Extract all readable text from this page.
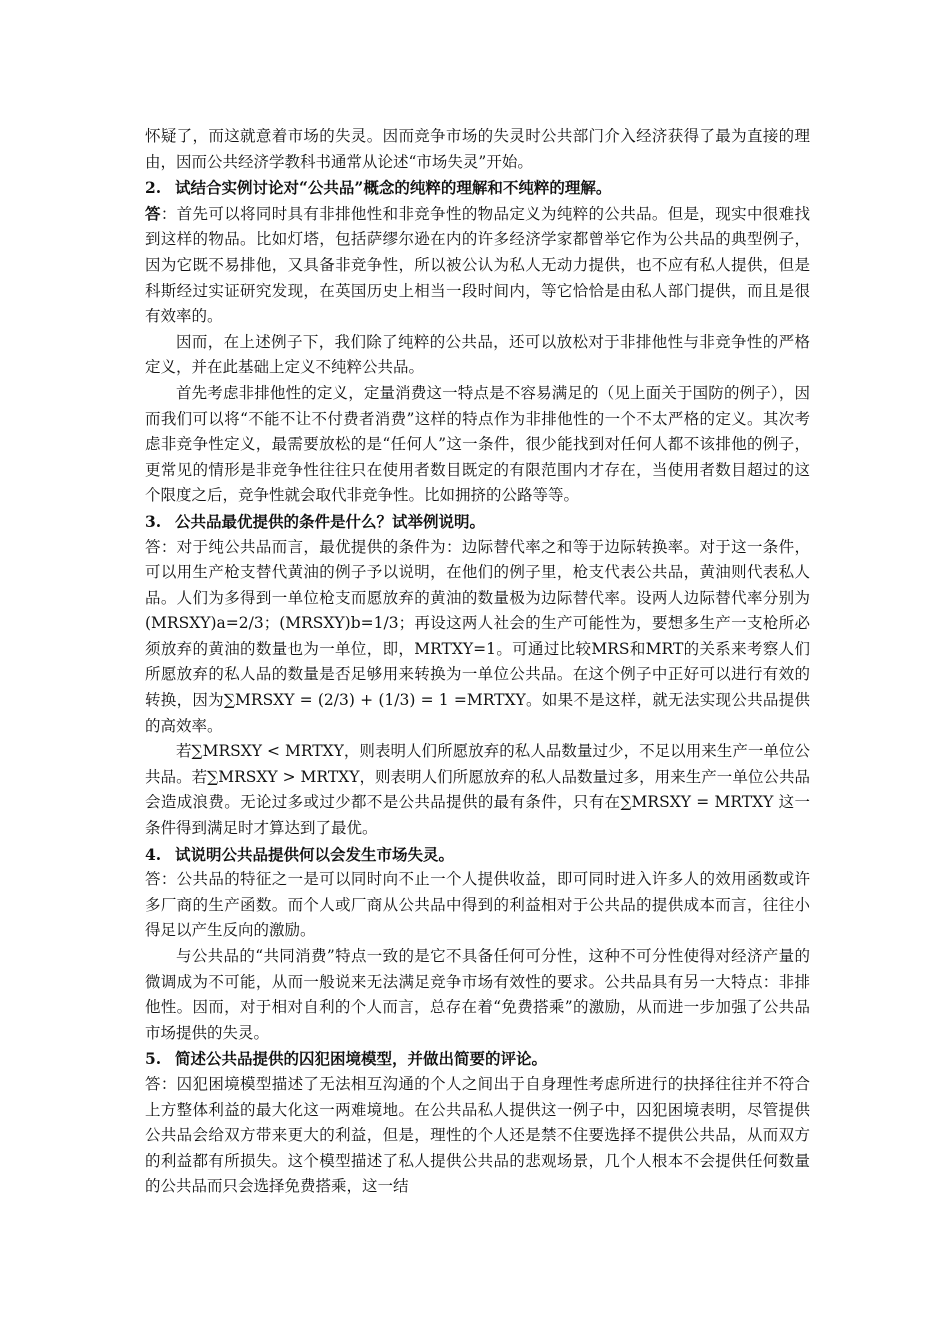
怀疑了，而这就意着市场的失灵。因而竞争市场的失灵时公共部门介入经济获得了最为直接的理由，因而公共经济学教科书通常从论述“市场失灵”开始。

2. 试结合实例讨论对“公共品”概念的纯粹的理解和不纯粹的理解。

答：首先可以将同时具有非排他性和非竞争性的物品定义为纯粹的公共品。但是，现实中很难找到这样的物品。比如灯塔，包括萨缪尔逊在内的许多经济学家都曾举它作为公共品的典型例子，因为它既不易排他，又具备非竞争性，所以被公认为私人无动力提供，也不应有私人提供，但是科斯经过实证研究发现，在英国历史上相当一段时间内，等它恰恰是由私人部门提供，而且是很有效率的。

因而，在上述例子下，我们除了纯粹的公共品，还可以放松对于非排他性与非竞争性的严格定义，并在此基础上定义不纯粹公共品。

首先考虑非排他性的定义，定量消费这一特点是不容易满足的（见上面关于国防的例子），因而我们可以将“不能不让不付费者消费”这样的特点作为非排他性的一个不太严格的定义。其次考虑非竞争性定义，最需要放松的是“任何人”这一条件，很少能找到对任何人都不该排他的例子，更常见的情形是非竞争性往往只在使用者数目既定的有限范围内才存在，当使用者数目超过的这个限度之后，竞争性就会取代非竞争性。比如拥挤的公路等等。

3. 公共品最优提供的条件是什么？试举例说明。

答：对于纯公共品而言，最优提供的条件为：边际替代率之和等于边际转换率。对于这一条件，可以用生产枪支替代黄油的例子予以说明，在他们的例子里，枪支代表公共品，黄油则代表私人品。人们为多得到一单位枪支而愿放弃的黄油的数量极为边际替代率。设两人边际替代率分别为(MRSXY)a=2/3；(MRSXY)b=1/3；再设这两人社会的生产可能性为，要想多生产一支枪所必须放弃的黄油的数量也为一单位，即，MRTXY=1。可通过比较MRS和MRT的关系来考察人们所愿放弃的私人品的数量是否足够用来转换为一单位公共品。在这个例子中正好可以进行有效的转换，因为∑MRSXY = (2/3) + (1/3) = 1 =MRTXY。如果不是这样，就无法实现公共品提供的高效率。

若∑MRSXY < MRTXY，则表明人们所愿放弃的私人品数量过少，不足以用来生产一单位公共品。若∑MRSXY > MRTXY，则表明人们所愿放弃的私人品数量过多，用来生产一单位公共品会造成浪费。无论过多或过少都不是公共品提供的最有条件，只有在∑MRSXY = MRTXY 这一条件得到满足时才算达到了最优。

4. 试说明公共品提供何以会发生市场失灵。

答：公共品的特征之一是可以同时向不止一个人提供收益，即可同时进入许多人的效用函数或许多厂商的生产函数。而个人或厂商从公共品中得到的利益相对于公共品的提供成本而言，往往小得足以产生反向的激励。

与公共品的“共同消费”特点一致的是它不具备任何可分性，这种不可分性使得对经济产量的微调成为不可能，从而一般说来无法满足竞争市场有效性的要求。公共品具有另一大特点：非排他性。因而，对于相对自利的个人而言，总存在着“免费搭乘”的激励，从而进一步加强了公共品市场提供的失灵。

5. 简述公共品提供的囚犯困境模型，并做出简要的评论。

答：囚犯困境模型描述了无法相互沟通的个人之间出于自身理性考虑所进行的抉择往往并不符合上方整体利益的最大化这一两难境地。在公共品私人提供这一例子中，囚犯困境表明，尽管提供公共品会给双方带来更大的利益，但是，理性的个人还是禁不住要选择不提供公共品，从而双方的利益都有所损失。这个模型描述了私人提供公共品的悲观场景，几个人根本不会提供任何数量的公共品而只会选择免费搭乘，这一结
